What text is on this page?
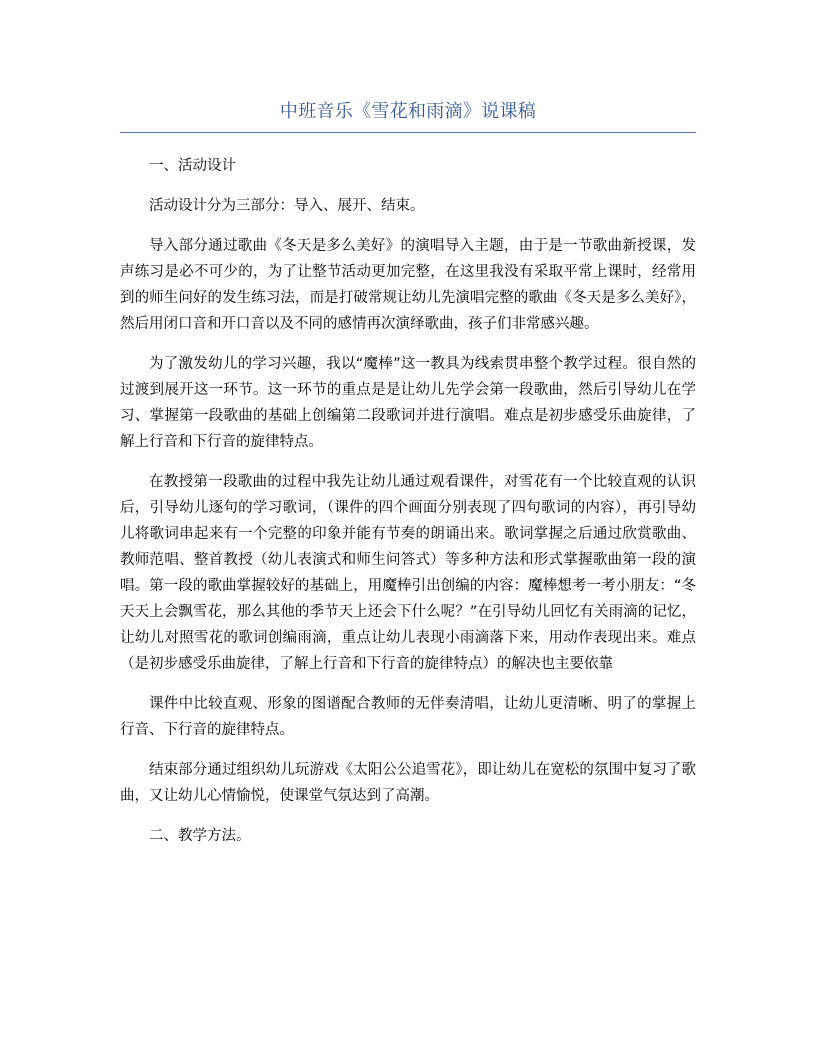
中班音乐《雪花和雨滴》说课稿

一、活动设计

活动设计分为三部分：导入、展开、结束。

导入部分通过歌曲《冬天是多么美好》的演唱导入主题，由于是一节歌曲新授课，发声练习是必不可少的，为了让整节活动更加完整，在这里我没有采取平常上课时，经常用到的师生问好的发生练习法，而是打破常规让幼儿先演唱完整的歌曲《冬天是多么美好》，然后用闭口音和开口音以及不同的感情再次演绎歌曲，孩子们非常感兴趣。

为了激发幼儿的学习兴趣，我以“魔棒”这一教具为线索贯串整个教学过程。很自然的过渡到展开这一环节。这一环节的重点是是让幼儿先学会第一段歌曲，然后引导幼儿在学习、掌握第一段歌曲的基础上创编第二段歌词并进行演唱。难点是初步感受乐曲旋律，了解上行音和下行音的旋律特点。

在教授第一段歌曲的过程中我先让幼儿通过观看课件，对雪花有一个比较直观的认识后，引导幼儿逐句的学习歌词，（课件的四个画面分别表现了四句歌词的内容），再引导幼儿将歌词串起来有一个完整的印象并能有节奏的朗诵出来。歌词掌握之后通过欣赏歌曲、教师范唱、整首教授（幼儿表演式和师生问答式）等多种方法和形式掌握歌曲第一段的演唱。第一段的歌曲掌握较好的基础上，用魔棒引出创编的内容：魔棒想考一考小朋友：“冬天天上会飘雪花，那么其他的季节天上还会下什么呢？”在引导幼儿回忆有关雨滴的记忆，让幼儿对照雪花的歌词创编雨滴，重点让幼儿表现小雨滴落下来，用动作表现出来。难点（是初步感受乐曲旋律，了解上行音和下行音的旋律特点）的解决也主要依靠

课件中比较直观、形象的图谱配合教师的无伴奏清唱，让幼儿更清晰、明了的掌握上行音、下行音的旋律特点。

结束部分通过组织幼儿玩游戏《太阳公公追雪花》，即让幼儿在宽松的氛围中复习了歌曲，又让幼儿心情愉悦，使课堂气氛达到了高潮。

二、教学方法。
